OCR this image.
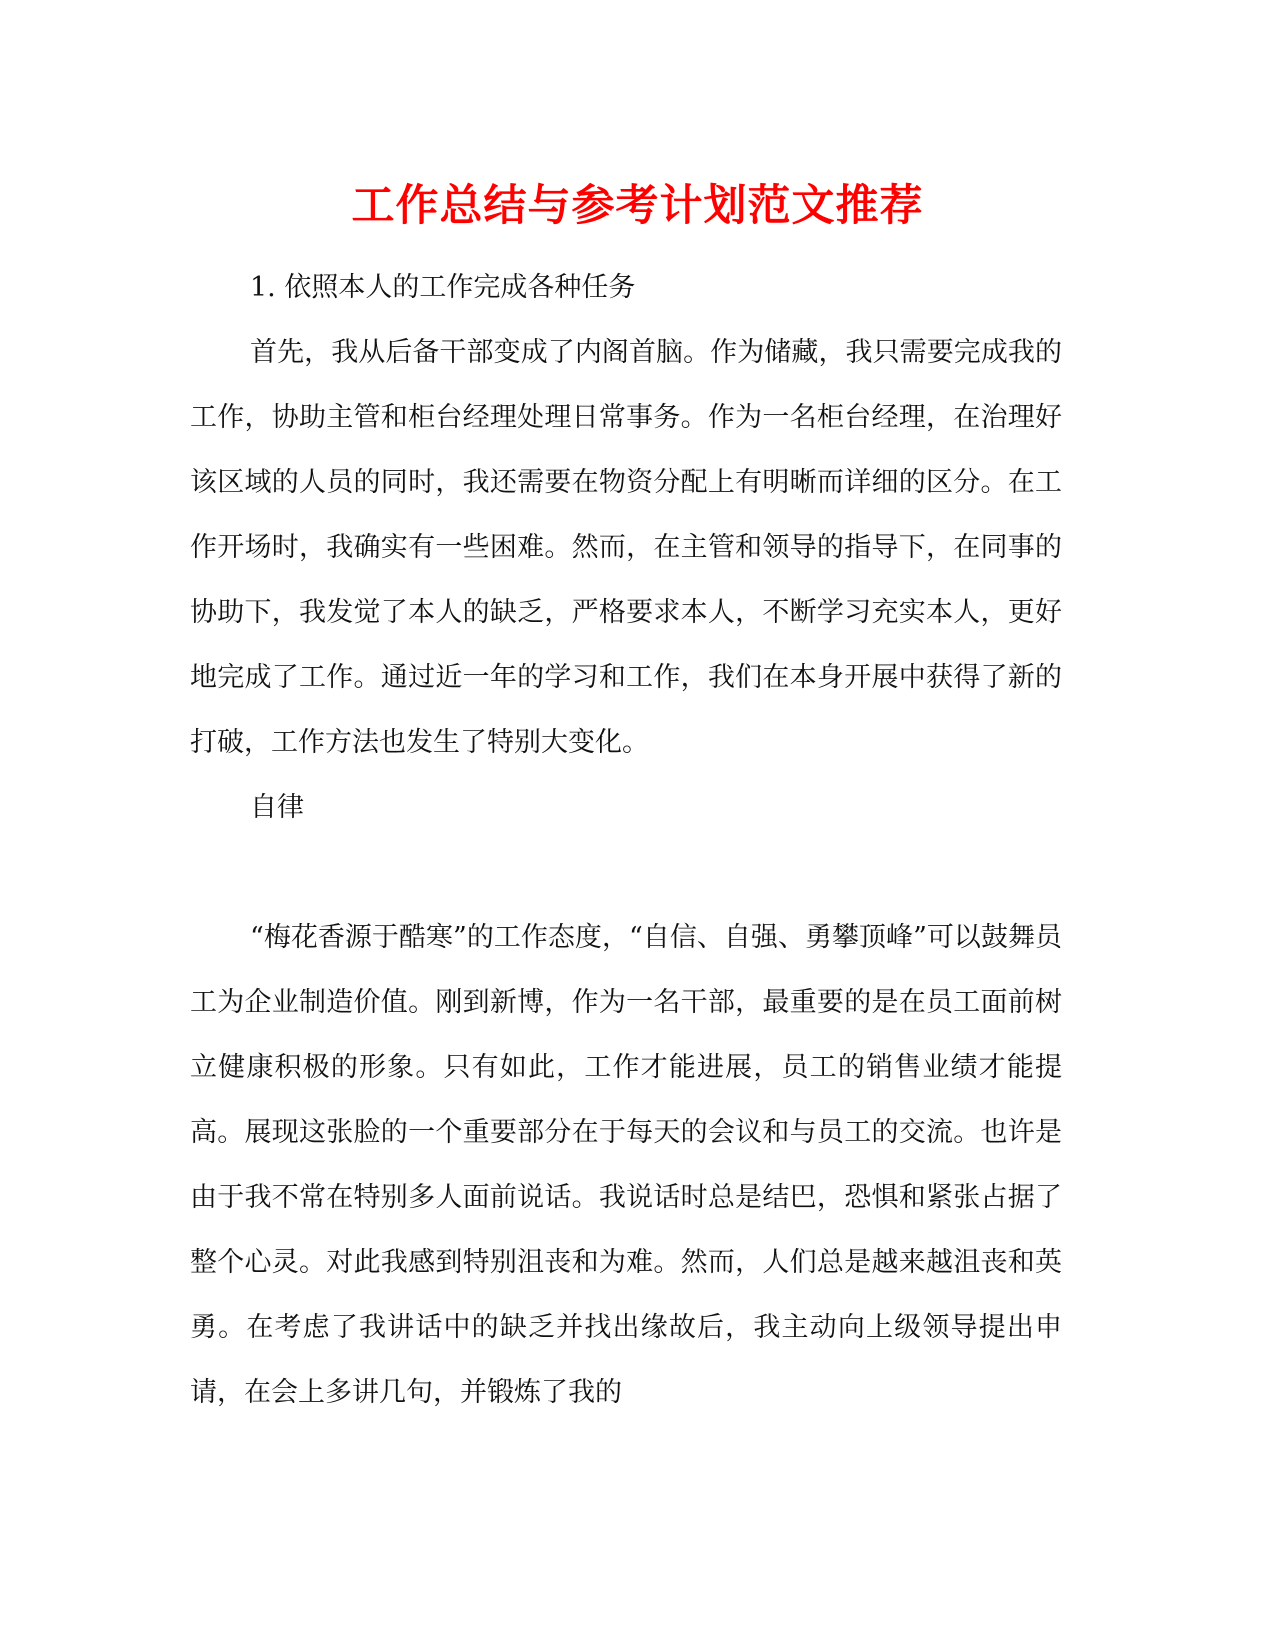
工作总结与参考计划范文推荐

1. 依照本人的工作完成各种任务

首先，我从后备干部变成了内阁首脑。作为储藏，我只需要完成我的工作，协助主管和柜台经理处理日常事务。作为一名柜台经理，在治理好该区域的人员的同时，我还需要在物资分配上有明晰而详细的区分。在工作开场时，我确实有一些困难。然而，在主管和领导的指导下，在同事的协助下，我发觉了本人的缺乏，严格要求本人，不断学习充实本人，更好地完成了工作。通过近一年的学习和工作，我们在本身开展中获得了新的打破，工作方法也发生了特别大变化。

自律

“梅花香源于酷寒”的工作态度，“自信、自强、勇攀顶峰”可以鼓舞员工为企业制造价值。刚到新博，作为一名干部，最重要的是在员工面前树立健康积极的形象。只有如此，工作才能进展，员工的销售业绩才能提高。展现这张脸的一个重要部分在于每天的会议和与员工的交流。也许是由于我不常在特别多人面前说话。我说话时总是结巴，恐惧和紧张占据了整个心灵。对此我感到特别沮丧和为难。然而，人们总是越来越沮丧和英勇。在考虑了我讲话中的缺乏并找出缘故后，我主动向上级领导提出申请，在会上多讲几句，并锻炼了我的
